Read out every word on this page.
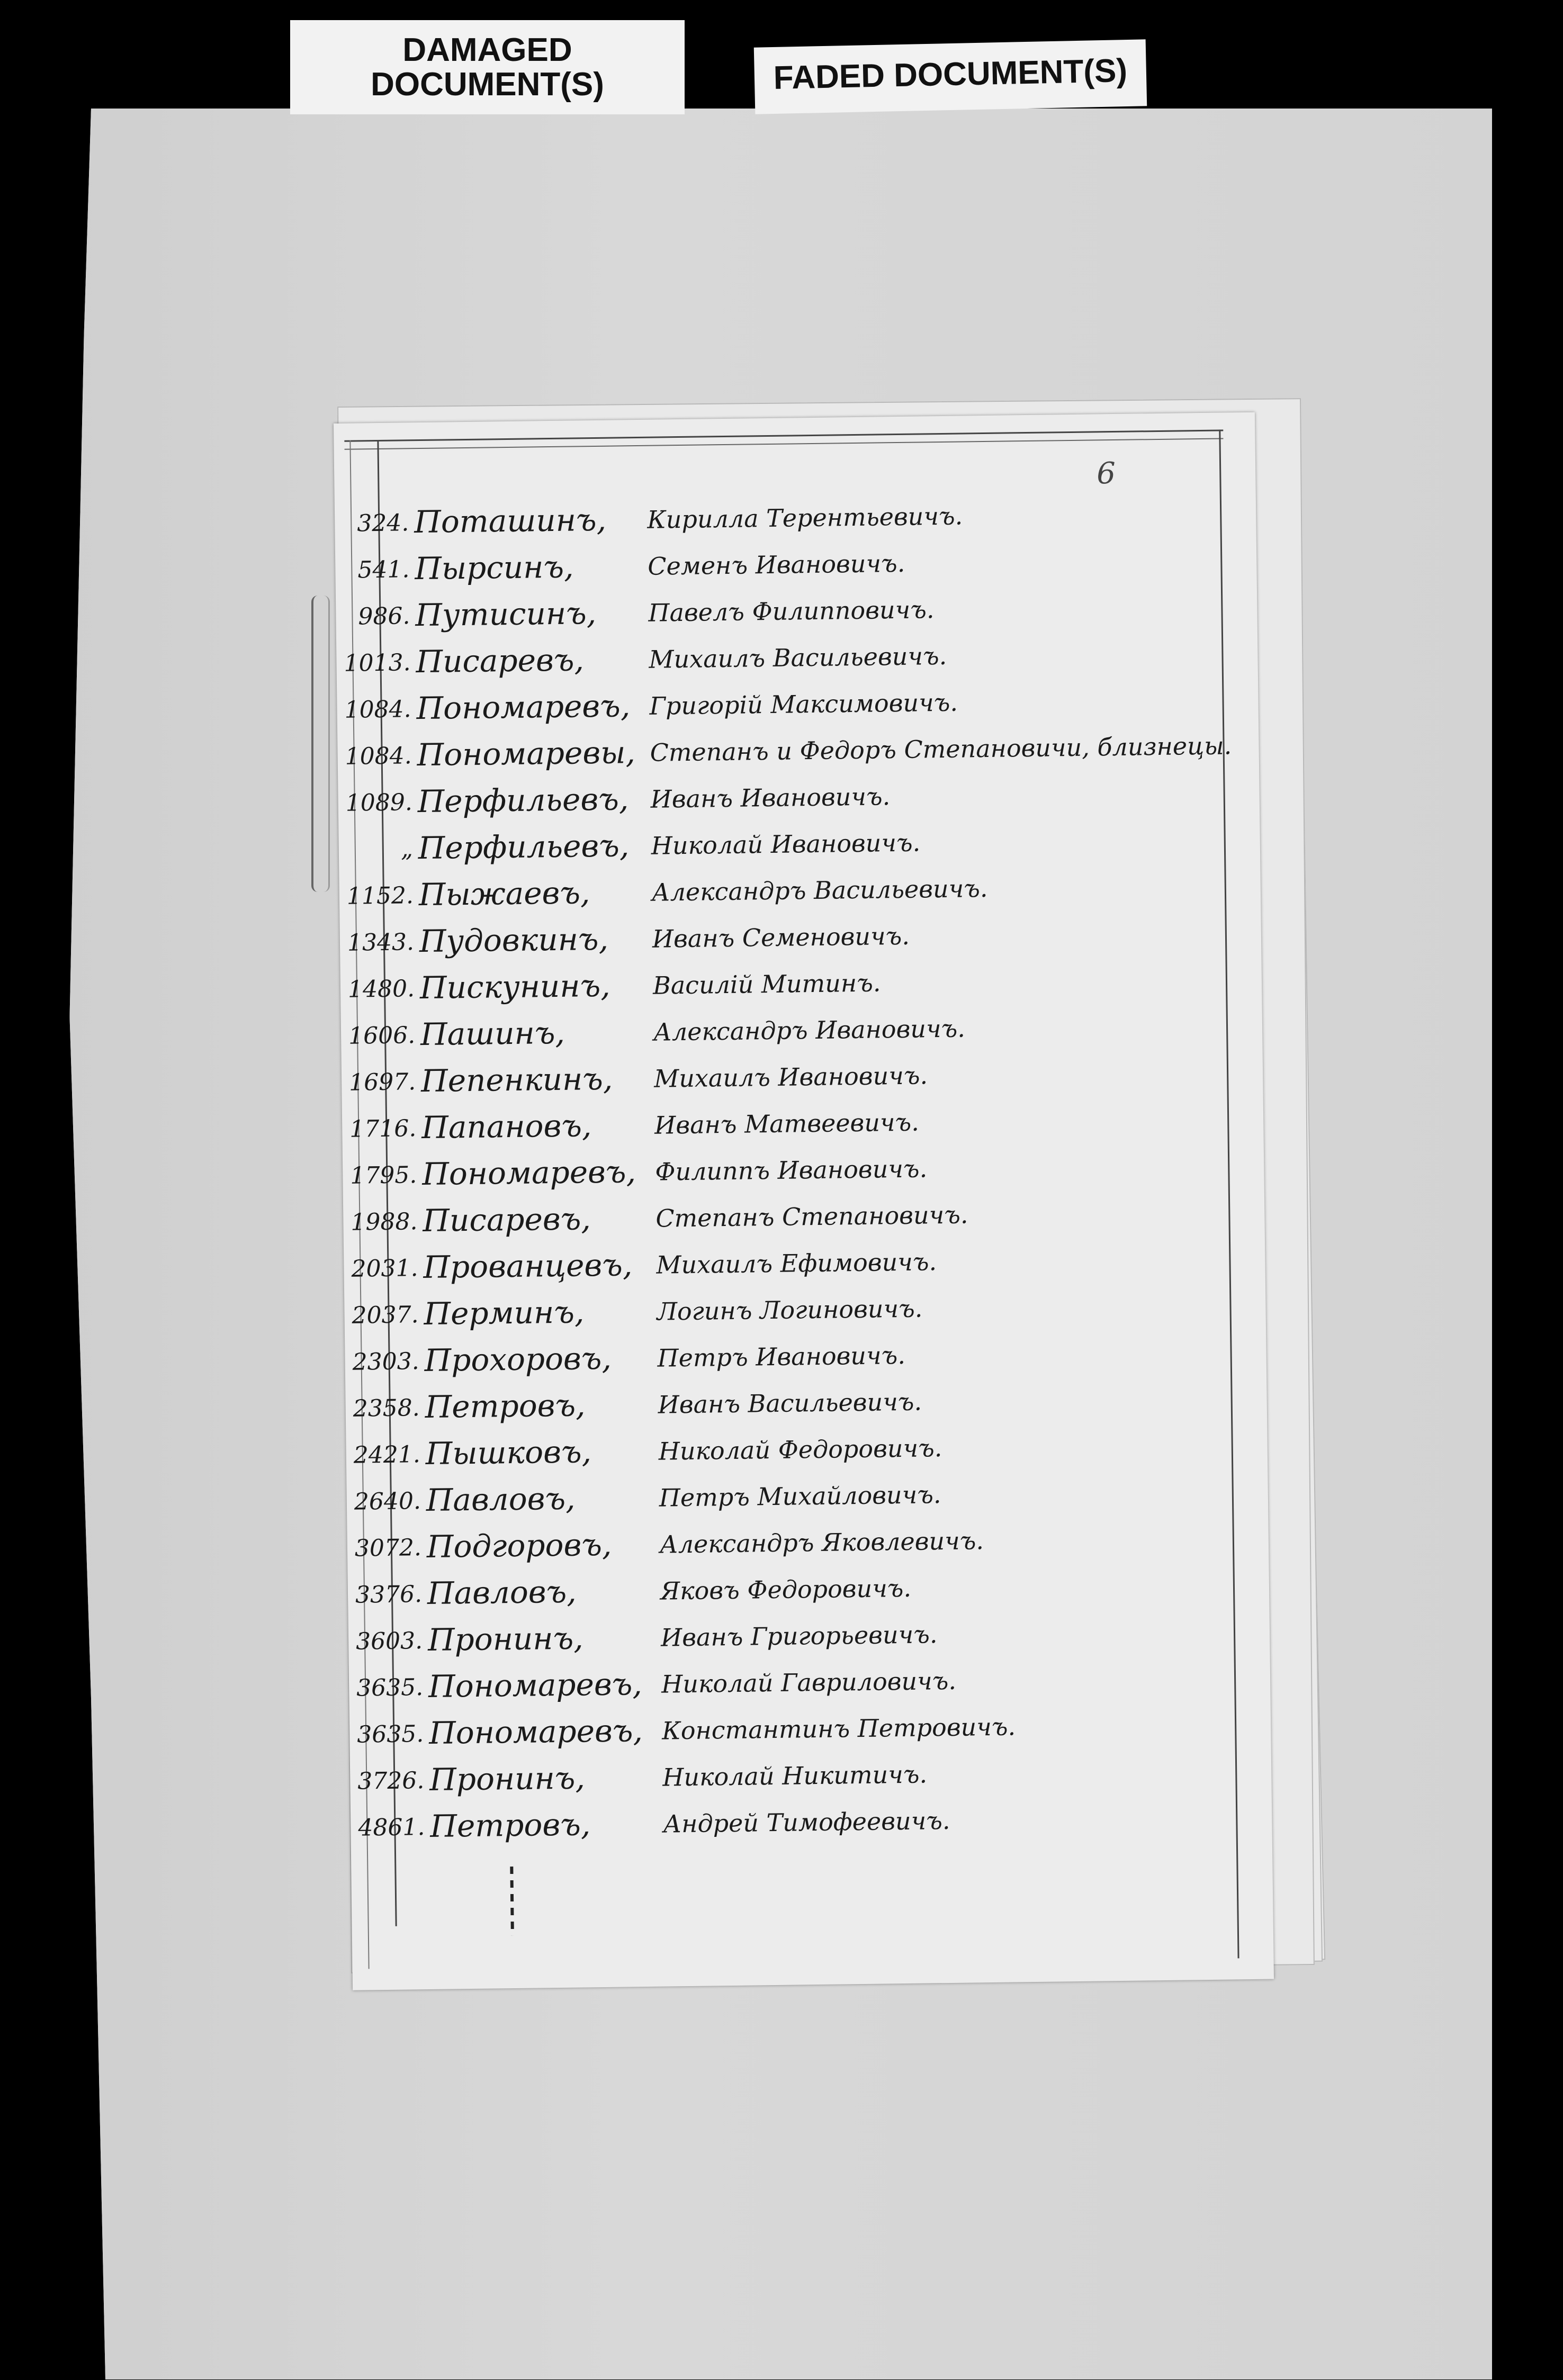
DAMAGED DOCUMENT(S)	FADED DOCUMENT(S)
6
324. Поташинъ, Кирилла Терентьевичъ.
541. Пырсинъ,	Семенъ Ивановичъ.
986. Путисинъ, Павелъ Филипповичъ.
1013. Писаревъ,	Михаилъ Васильевичъ.
1084. Пономаревъ, Григорій Максимовичъ.
1084. Пономаревы, Степанъ и Федоръ Степановичи, близнецы.
1089. Перфильевъ, Иванъ Ивановичъ.
„ Перфильевъ, Николай Ивановичъ.
1152. Пыжаевъ,	Александръ Васильевичъ.
1343. Пудовкинъ, Иванъ Семеновичъ.
1480. Пискунинъ, Василій Митинъ.
1606. Пашинъ,	Александръ Ивановичъ.
1697. Пепенкинъ, Михаилъ Ивановичъ.
1716. Папановъ,	Иванъ Матвеевичъ.
1795. Пономаревъ, Филиппъ Ивановичъ.
1988. Писаревъ,	Степанъ Степановичъ.
2031. Прованцевъ, Михаилъ Ефимовичъ.
2037. Перминъ,	Логинъ Логиновичъ.
2303. Прохоровъ, Петръ Ивановичъ.
2358. Петровъ,	Иванъ Васильевичъ.
2421. Пышковъ,	Николай Федоровичъ.
2640. Павловъ,	Петръ Михайловичъ.
3072. Подгоровъ, Александръ Яковлевичъ.
3376. Павловъ,	Яковъ Федоровичъ.
3603. Пронинъ,	Иванъ Григорьевичъ.
3635. Пономаревъ, Николай Гавриловичъ.
3635. Пономаревъ, Константинъ Петровичъ.
3726. Пронинъ,	Николай Никитичъ.
4861. Петровъ,	Андрей Тимофеевичъ.
